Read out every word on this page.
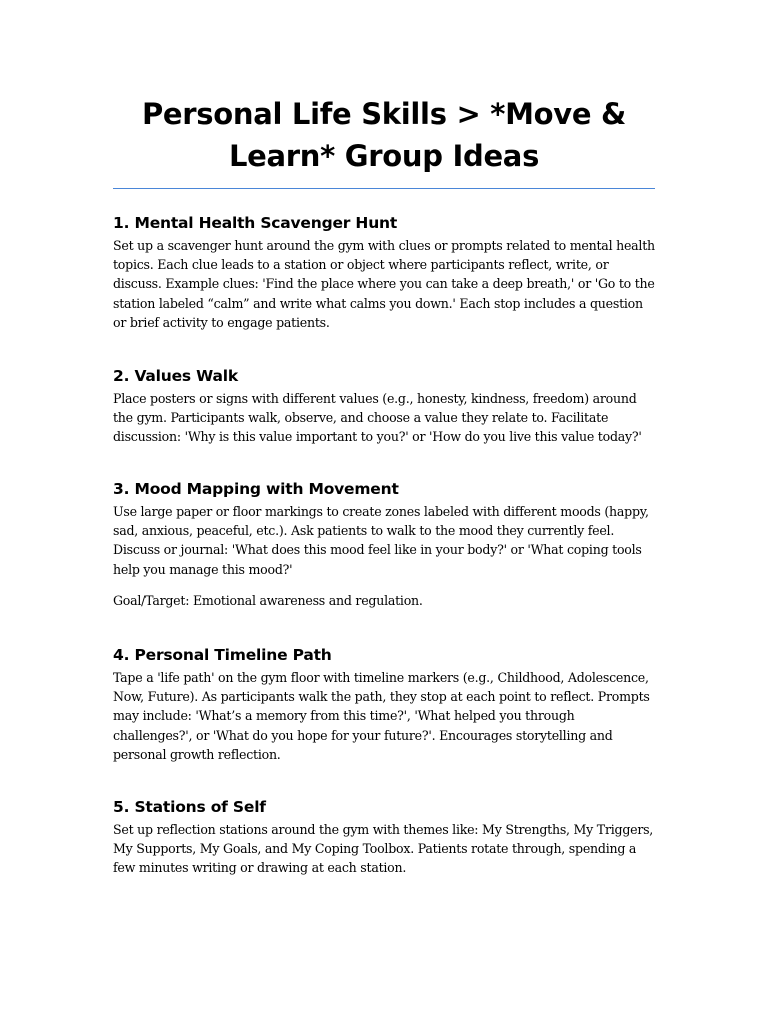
Personal Life Skills > *Move & Learn* Group Ideas
1. Mental Health Scavenger Hunt

Set up a scavenger hunt around the gym with clues or prompts related to mental health topics. Each clue leads to a station or object where participants reflect, write, or discuss. Example clues: 'Find the place where you can take a deep breath,' or 'Go to the station labeled “calm” and write what calms you down.' Each stop includes a question or brief activity to engage patients.

2. Values Walk

Place posters or signs with different values (e.g., honesty, kindness, freedom) around the gym. Participants walk, observe, and choose a value they relate to. Facilitate discussion: 'Why is this value important to you?' or 'How do you live this value today?'

3. Mood Mapping with Movement

Use large paper or floor markings to create zones labeled with different moods (happy, sad, anxious, peaceful, etc.). Ask patients to walk to the mood they currently feel. Discuss or journal: 'What does this mood feel like in your body?' or 'What coping tools help you manage this mood?'

Goal/Target: Emotional awareness and regulation.

4. Personal Timeline Path

Tape a 'life path' on the gym floor with timeline markers (e.g., Childhood, Adolescence, Now, Future). As participants walk the path, they stop at each point to reflect. Prompts may include: 'What’s a memory from this time?', 'What helped you through challenges?', or 'What do you hope for your future?'. Encourages storytelling and personal growth reflection.

5. Stations of Self

Set up reflection stations around the gym with themes like: My Strengths, My Triggers, My Supports, My Goals, and My Coping Toolbox. Patients rotate through, spending a few minutes writing or drawing at each station.
